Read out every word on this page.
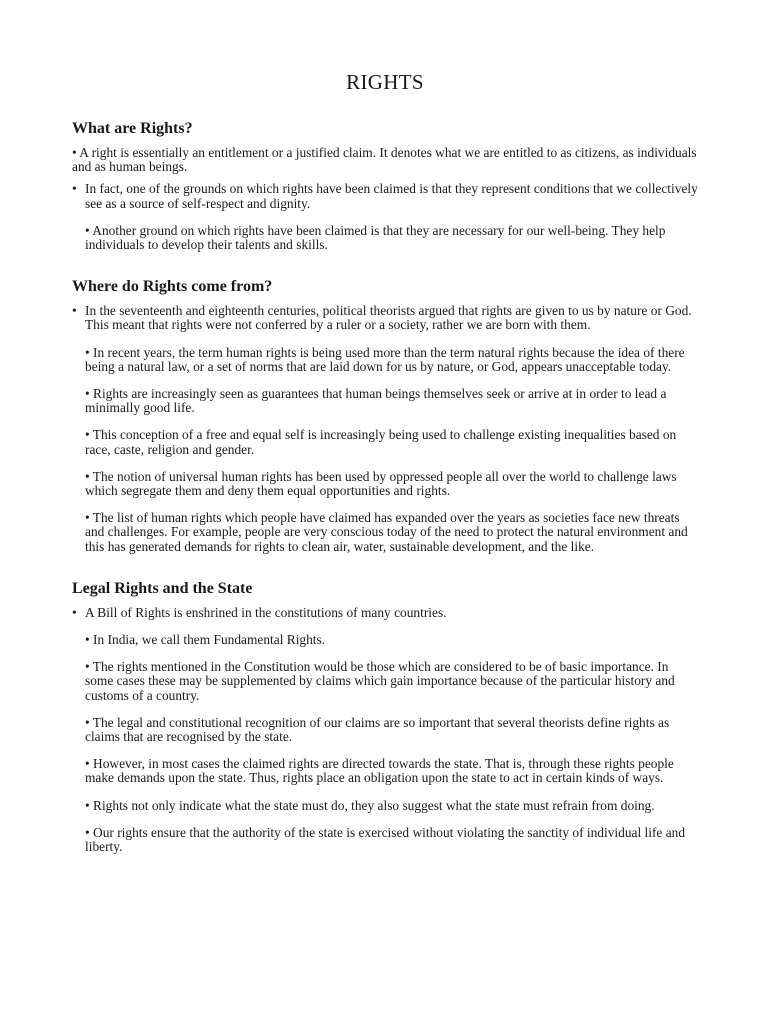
RIGHTS
What are Rights?

• A right is essentially an entitlement or a justified claim. It denotes what we are entitled to as citizens, as individuals and as human beings.

• In fact, one of the grounds on which rights have been claimed is that they represent conditions that we collectively see as a source of self-respect and dignity.

• Another ground on which rights have been claimed is that they are necessary for our well-being. They help individuals to develop their talents and skills.

Where do Rights come from?

• In the seventeenth and eighteenth centuries, political theorists argued that rights are given to us by nature or God. This meant that rights were not conferred by a ruler or a society, rather we are born with them.

• In recent years, the term human rights is being used more than the term natural rights because the idea of there being a natural law, or a set of norms that are laid down for us by nature, or God, appears unacceptable today.

• Rights are increasingly seen as guarantees that human beings themselves seek or arrive at in order to lead a minimally good life.

• This conception of a free and equal self is increasingly being used to challenge existing inequalities based on race, caste, religion and gender.

• The notion of universal human rights has been used by oppressed people all over the world to challenge laws which segregate them and deny them equal opportunities and rights.

• The list of human rights which people have claimed has expanded over the years as societies face new threats and challenges. For example, people are very conscious today of the need to protect the natural environment and this has generated demands for rights to clean air, water, sustainable development, and the like.

Legal Rights and the State

• A Bill of Rights is enshrined in the constitutions of many countries.

• In India, we call them Fundamental Rights.

• The rights mentioned in the Constitution would be those which are considered to be of basic importance. In some cases these may be supplemented by claims which gain importance because of the particular history and customs of a country.

• The legal and constitutional recognition of our claims are so important that several theorists define rights as claims that are recognised by the state.

• However, in most cases the claimed rights are directed towards the state. That is, through these rights people make demands upon the state. Thus, rights place an obligation upon the state to act in certain kinds of ways.

• Rights not only indicate what the state must do, they also suggest what the state must refrain from doing.

• Our rights ensure that the authority of the state is exercised without violating the sanctity of individual life and liberty.
